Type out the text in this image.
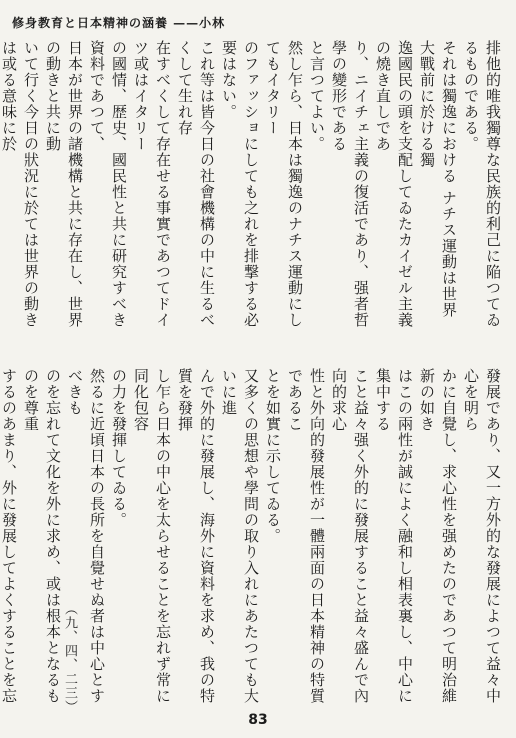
修身教育と日本精神の涵養 ——小林
排他的唯我獨尊な民族的利己に陥つてゐるものである。
それは獨逸における ナチス運動は世界大戰前に於ける獨
逸國民の頭を支配してゐたカイゼル主義の燒き直しであ
り、ニイチェ主義の復活であり、强者哲學の變形である
と言つてよい。
然し乍ら、日本は獨逸のナチス運動にしてもイタリー
のファッショにしても之れを排撃する必要はない。
これ等は皆今日の社會機構の中に生るべくして生れ存
在すべくして存在せる事實であつてドイツ或はイタリー
の國情、歴史、國民性と共に研究すべき資料であつて、
日本が世界の諸機構と共に存在し、世界の動きと共に動
いて行く今日の狀況に於ては世界の動きは或る意味に於
發展であり、又一方外的な發展によつて益々中心を明ら
かに自覺し、求心性を强めたのであつて明治維新の如き
はこの兩性が誠によく融和し相表裏し、中心に集中する
こと益々强く外的に發展すること益々盛んで內向的求心
性と外向的發展性が一體兩面の日本精神の特質であるこ
とを如實に示してゐる。
又多くの思想や學問の取り入れにあたつても大いに進
んで外的に發展し、海外に資料を求め、我の特質を發揮
し乍ら日本の中心を太らせることを忘れず常に同化包容
の力を發揮してゐる。
然るに近頃日本の長所を自覺せぬ者は中心とすべきも
のを忘れて文化を外に求め、或は根本となるものを尊重
するのあまり、外に發展してよくすることを忘	（九、四、二三）
83
